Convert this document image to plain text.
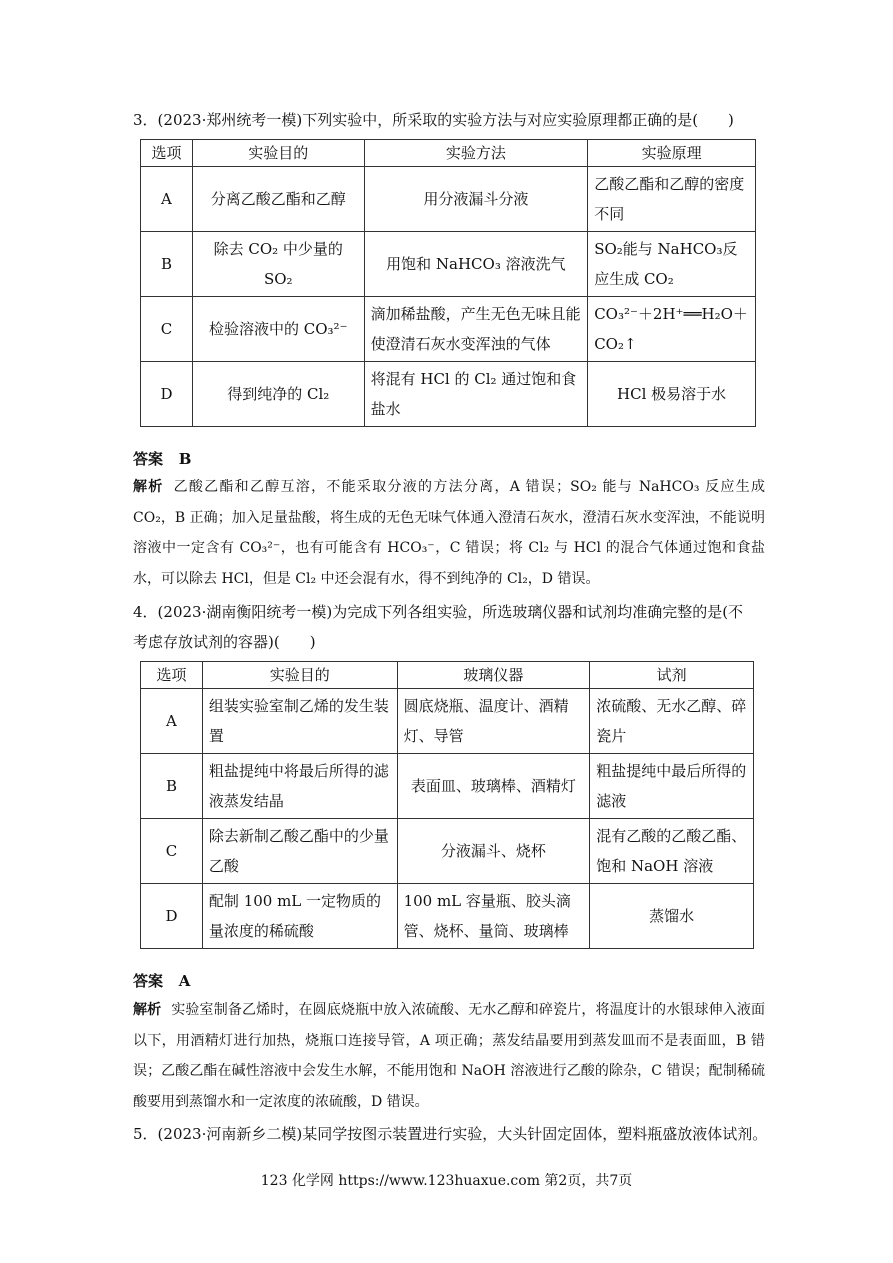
3．(2023·郑州统考一模)下列实验中，所采取的实验方法与对应实验原理都正确的是(　　)
选项	实验目的	实验方法	实验原理
A	分离乙酸乙酯和乙醇	用分液漏斗分液	乙酸乙酯和乙醇的密度不同
B	除去 CO₂ 中少量的 SO₂	用饱和 NaHCO₃ 溶液洗气	SO₂能与 NaHCO₃反应生成 CO₂
C	检验溶液中的 CO₃²⁻	滴加稀盐酸，产生无色无味且能使澄清石灰水变浑浊的气体	CO₃²⁻＋2H⁺══H₂O＋CO₂↑
D	得到纯净的 Cl₂	将混有 HCl 的 Cl₂ 通过饱和食盐水	HCl 极易溶于水
答案 B
解析 乙酸乙酯和乙醇互溶，不能采取分液的方法分离，A 错误；SO₂ 能与 NaHCO₃ 反应生成 CO₂，B 正确；加入足量盐酸，将生成的无色无味气体通入澄清石灰水，澄清石灰水变浑浊，不能说明溶液中一定含有 CO₃²⁻，也有可能含有 HCO₃⁻，C 错误；将 Cl₂ 与 HCl 的混合气体通过饱和食盐水，可以除去 HCl，但是 Cl₂ 中还会混有水，得不到纯净的 Cl₂，D 错误。
4．(2023·湖南衡阳统考一模)为完成下列各组实验，所选玻璃仪器和试剂均准确完整的是(不
考虑存放试剂的容器)(　　)
选项	实验目的	玻璃仪器	试剂
A	组装实验室制乙烯的发生装置	圆底烧瓶、温度计、酒精灯、导管	浓硫酸、无水乙醇、碎瓷片
B	粗盐提纯中将最后所得的滤液蒸发结晶	表面皿、玻璃棒、酒精灯	粗盐提纯中最后所得的滤液
C	除去新制乙酸乙酯中的少量乙酸	分液漏斗、烧杯	混有乙酸的乙酸乙酯、饱和 NaOH 溶液
D	配制 100 mL 一定物质的量浓度的稀硫酸	100 mL 容量瓶、胶头滴管、烧杯、量筒、玻璃棒	蒸馏水
答案 A
解析 实验室制备乙烯时，在圆底烧瓶中放入浓硫酸、无水乙醇和碎瓷片，将温度计的水银球伸入液面以下，用酒精灯进行加热，烧瓶口连接导管，A 项正确；蒸发结晶要用到蒸发皿而不是表面皿，B 错误；乙酸乙酯在碱性溶液中会发生水解，不能用饱和 NaOH 溶液进行乙酸的除杂，C 错误；配制稀硫酸要用到蒸馏水和一定浓度的浓硫酸，D 错误。
5．(2023·河南新乡二模)某同学按图示装置进行实验，大头针固定固体，塑料瓶盛放液体试剂。
123 化学网 https://www.123huaxue.com 第2页，共7页
